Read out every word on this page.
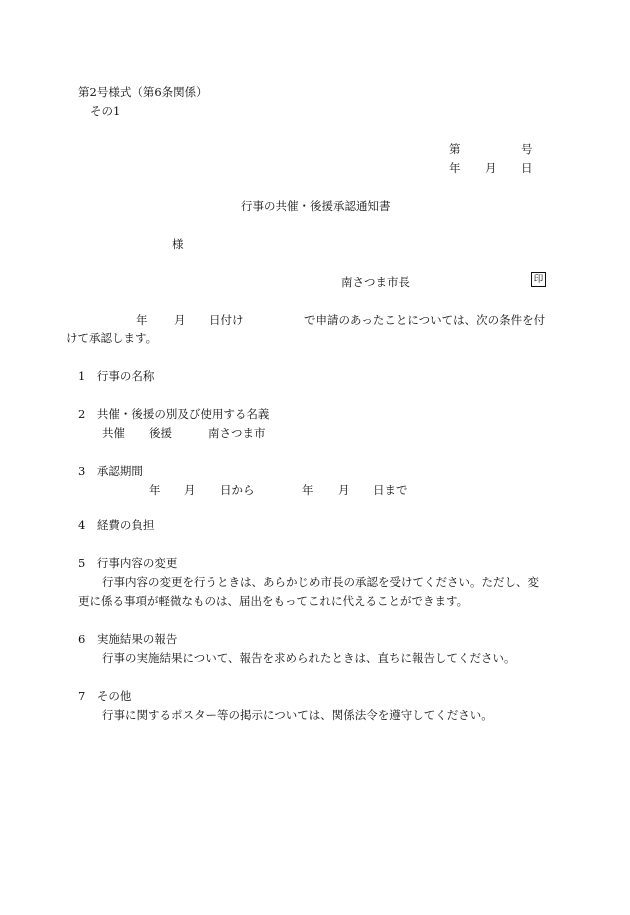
第2号様式（第6条関係）
その1
第	号
年 月 日
行事の共催・後援承認通知書
様
南さつま市長	印
年 月 日付け	で申請のあったことについては、次の条件を付
けて承認します。
1　行事の名称
2　共催・後援の別及び使用する名義
共催 後援	南さつま市
3　承認期間
年 月 日から	年 月 日まで
4　経費の負担
5　行事内容の変更
行事内容の変更を行うときは、あらかじめ市長の承認を受けてください。ただし、変
更に係る事項が軽微なものは、届出をもってこれに代えることができます。
6　実施結果の報告
行事の実施結果について、報告を求められたときは、直ちに報告してください。
7　その他
行事に関するポスター等の掲示については、関係法令を遵守してください。
